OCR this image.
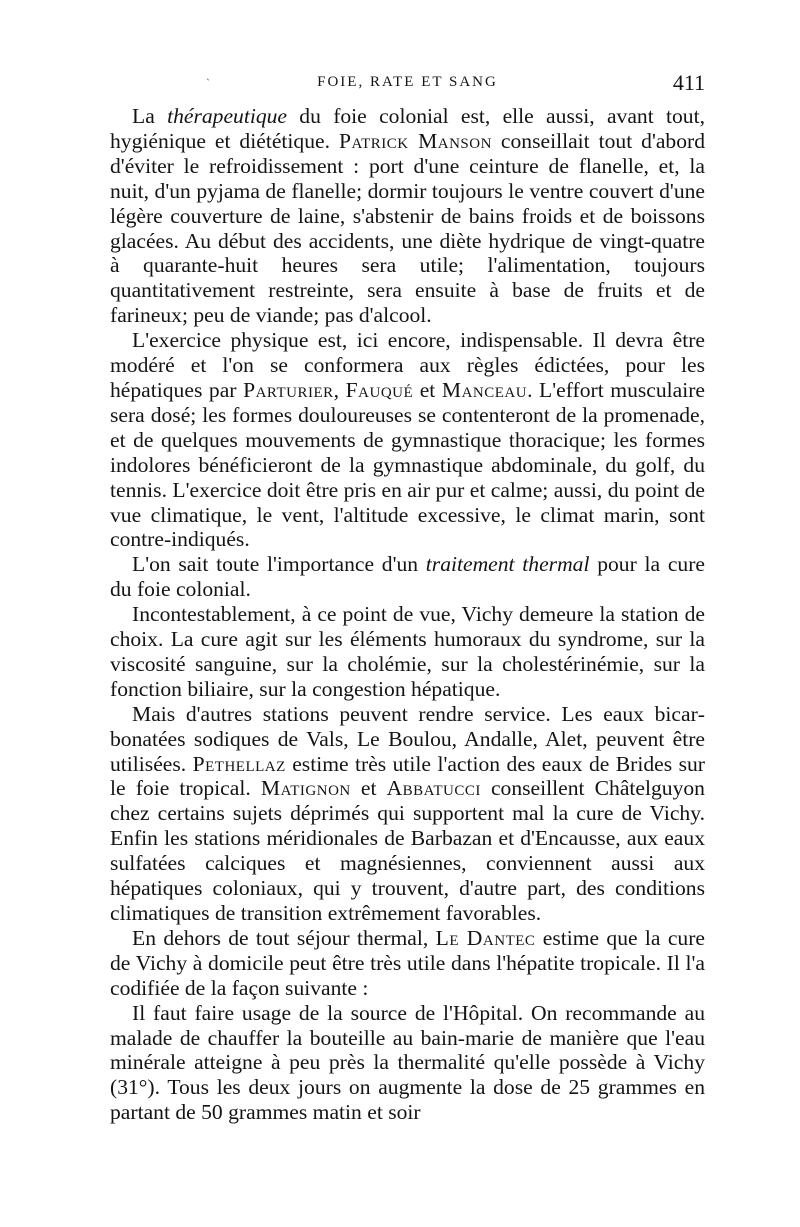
`	FOIE, RATE ET SANG	411

La thérapeutique du foie colonial est, elle aussi, avant tout, hygiénique et diététique. Patrick Manson conseillait tout d'abord d'éviter le refroidissement : port d'une ceinture de flanelle, et, la nuit, d'un pyjama de flanelle; dormir toujours le ventre couvert d'une légère couverture de laine, s'abstenir de bains froids et de boissons glacées. Au début des accidents, une diète hydrique de vingt-quatre à quarante-huit heures sera utile; l'alimentation, toujours quantitativement restreinte, sera ensuite à base de fruits et de farineux; peu de viande; pas d'alcool.

L'exercice physique est, ici encore, indispensable. Il devra être modéré et l'on se conformera aux règles édictées, pour les hépatiques par Parturier, Fauqué et Manceau. L'effort musculaire sera dosé; les formes douloureuses se contenteront de la promenade, et de quelques mouvements de gymnastique thoracique; les formes indolores bénéficieront de la gymnastique abdominale, du golf, du tennis. L'exercice doit être pris en air pur et calme; aussi, du point de vue climatique, le vent, l'altitude excessive, le climat marin, sont contre-indiqués.

L'on sait toute l'importance d'un traitement thermal pour la cure du foie colonial.

Incontestablement, à ce point de vue, Vichy demeure la station de choix. La cure agit sur les éléments humoraux du syndrome, sur la viscosité sanguine, sur la cholémie, sur la cholestérinémie, sur la fonction biliaire, sur la congestion hépatique.

Mais d'autres stations peuvent rendre service. Les eaux bicarbonatées sodiques de Vals, Le Boulou, Andalle, Alet, peuvent être utilisées. Pethellaz estime très utile l'action des eaux de Brides sur le foie tropical. Matignon et Abbatucci conseillent Châtelguyon chez certains sujets déprimés qui supportent mal la cure de Vichy. Enfin les stations méridionales de Barbazan et d'Encausse, aux eaux sulfatées calciques et magnésiennes, conviennent aussi aux hépatiques coloniaux, qui y trouvent, d'autre part, des conditions climatiques de transition extrêmement favorables.

En dehors de tout séjour thermal, Le Dantec estime que la cure de Vichy à domicile peut être très utile dans l'hépatite tropicale. Il l'a codifiée de la façon suivante :

Il faut faire usage de la source de l'Hôpital. On recommande au malade de chauffer la bouteille au bain-marie de manière que l'eau minérale atteigne à peu près la thermalité qu'elle possède à Vichy (31°). Tous les deux jours on augmente la dose de 25 grammes en partant de 50 grammes matin et soir
